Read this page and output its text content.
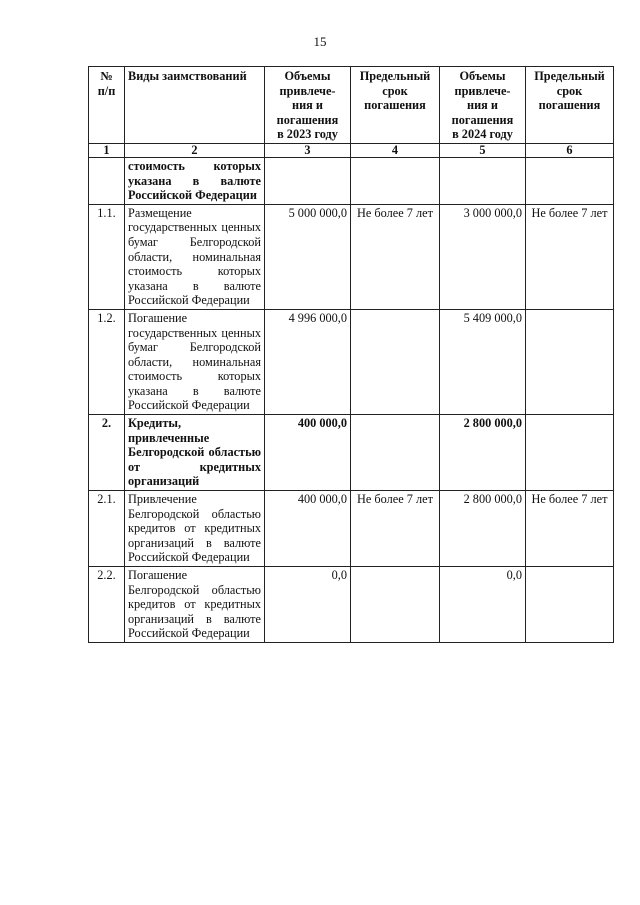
15
№
п/п	Виды заимствований	Объемы
привлече-
ния и
погашения
в 2023 году	Предельный
срок
погашения	Объемы
привлече-
ния и
погашения
в 2024 году	Предельный
срок
погашения
1	2	3	4	5	6
	стоимость которых указана в валюте Российской Федерации				
1.1.	Размещение государственных ценных бумаг Белгородской области, номинальная стоимость которых указана в валюте Российской Федерации	5 000 000,0	Не более 7 лет	3 000 000,0	Не более 7 лет
1.2.	Погашение государственных ценных бумаг Белгородской области, номинальная стоимость которых указана в валюте Российской Федерации	4 996 000,0		5 409 000,0	
2.	Кредиты, привлеченные Белгородской областью от кредитных организаций	400 000,0		2 800 000,0	
2.1.	Привлечение Белгородской областью кредитов от кредитных организаций в валюте Российской Федерации	400 000,0	Не более 7 лет	2 800 000,0	Не более 7 лет
2.2.	Погашение Белгородской областью кредитов от кредитных организаций в валюте Российской Федерации	0,0		0,0	
